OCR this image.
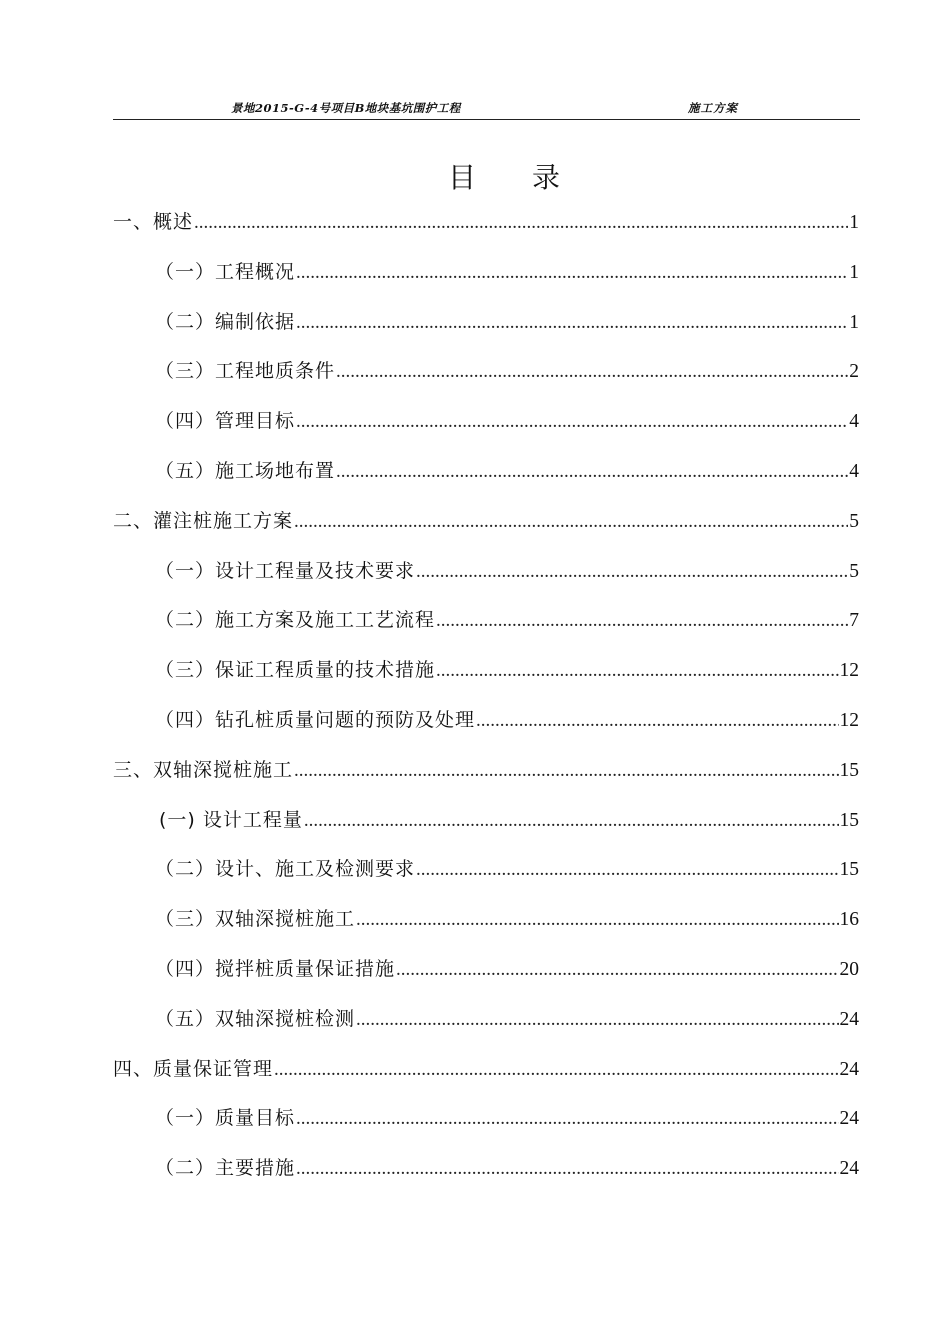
景地2015-G-4号项目B地块基坑围护工程	施工方案
目录
一、概述 .....	1
（一）工程概况 .....	1
（二）编制依据 .....	1
（三）工程地质条件 .....	2
（四）管理目标 .....	4
（五）施工场地布置 .....	4
二、灌注桩施工方案 .....	5
（一）设计工程量及技术要求 .....	5
（二）施工方案及施工工艺流程 .....	7
（三）保证工程质量的技术措施 .....	12
（四）钻孔桩质量问题的预防及处理 .....	12
三、双轴深搅桩施工 .....	15
(一) 设计工程量 .....	15
（二）设计、施工及检测要求 .....	15
（三）双轴深搅桩施工 .....	16
（四）搅拌桩质量保证措施 .....	20
（五）双轴深搅桩检测 .....	24
四、质量保证管理 .....	24
（一）质量目标 .....	24
（二）主要措施 .....	24
